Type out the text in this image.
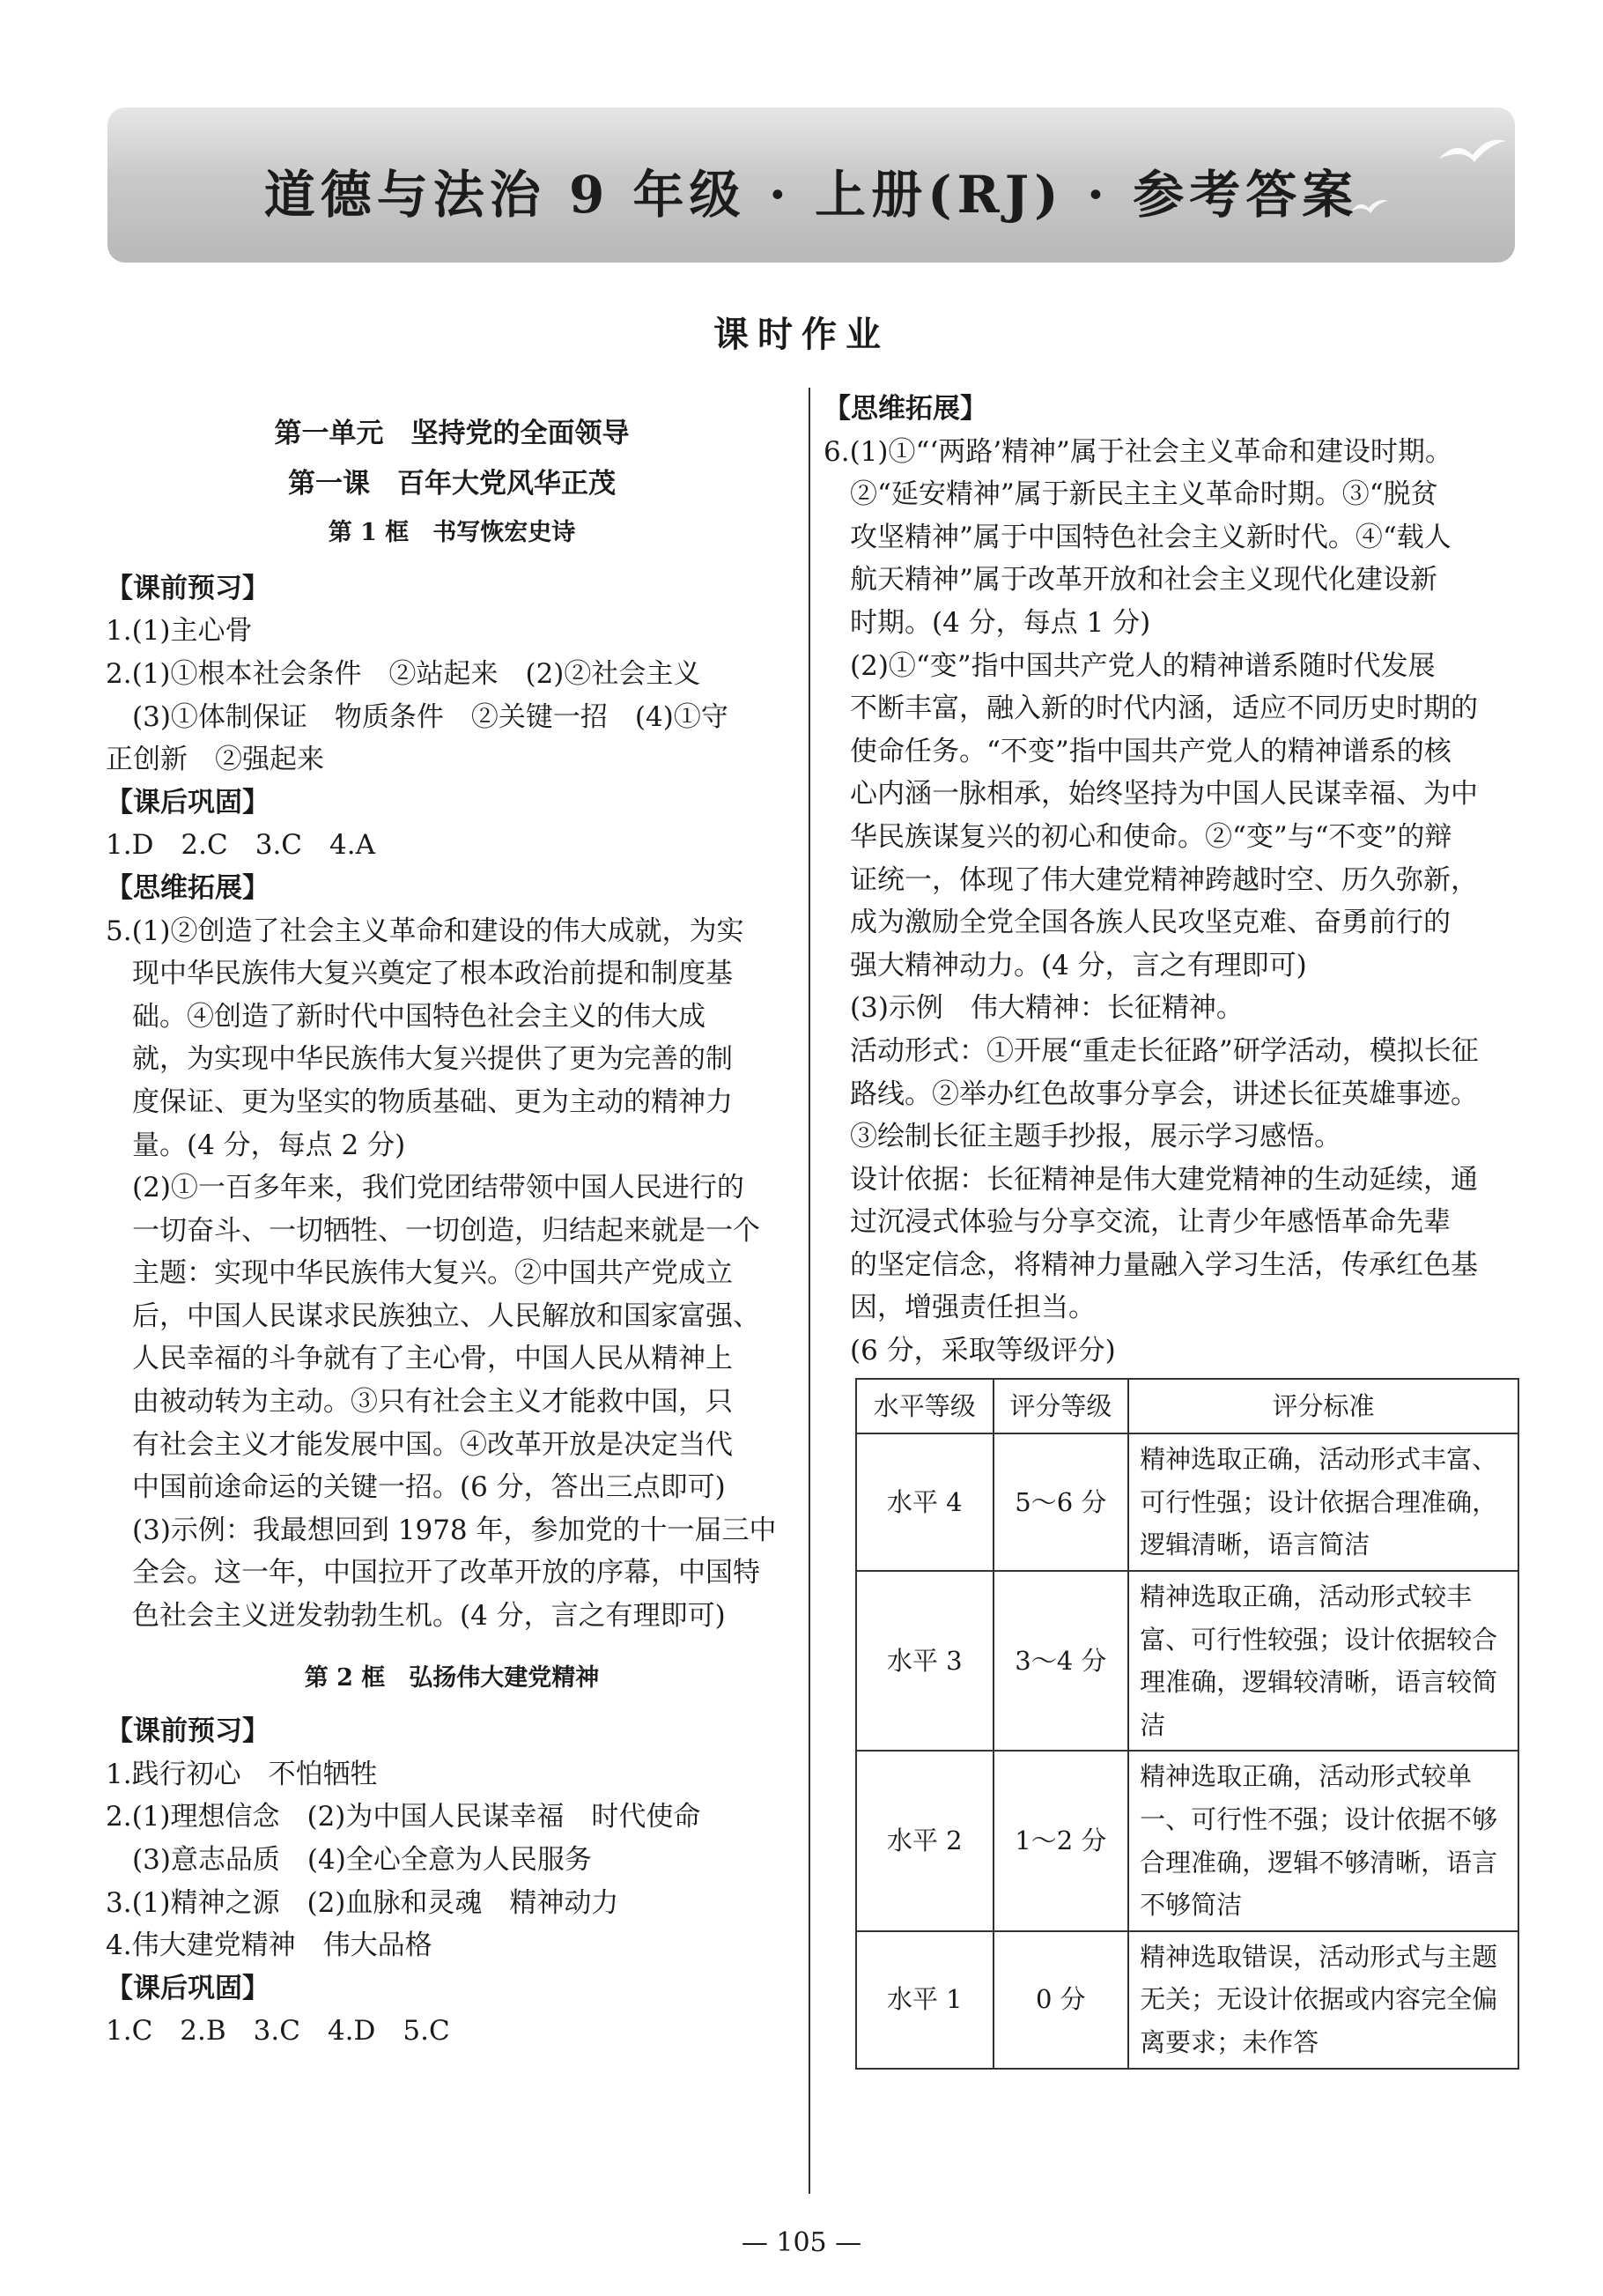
道德与法治 9 年级 · 上册(RJ) · 参考答案
课时作业
第一单元　坚持党的全面领导
第一课　百年大党风华正茂
第 1 框　书写恢宏史诗
【课前预习】
1.(1)主心骨
2.(1)①根本社会条件　②站起来　(2)②社会主义
(3)①体制保证　物质条件　②关键一招　(4)①守
正创新　②强起来
【课后巩固】
1.D　2.C　3.C　4.A
【思维拓展】
5.(1)②创造了社会主义革命和建设的伟大成就，为实
现中华民族伟大复兴奠定了根本政治前提和制度基
础。④创造了新时代中国特色社会主义的伟大成
就，为实现中华民族伟大复兴提供了更为完善的制
度保证、更为坚实的物质基础、更为主动的精神力
量。(4 分，每点 2 分)
(2)①一百多年来，我们党团结带领中国人民进行的
一切奋斗、一切牺牲、一切创造，归结起来就是一个
主题：实现中华民族伟大复兴。②中国共产党成立
后，中国人民谋求民族独立、人民解放和国家富强、
人民幸福的斗争就有了主心骨，中国人民从精神上
由被动转为主动。③只有社会主义才能救中国，只
有社会主义才能发展中国。④改革开放是决定当代
中国前途命运的关键一招。(6 分，答出三点即可)
(3)示例：我最想回到 1978 年，参加党的十一届三中
全会。这一年，中国拉开了改革开放的序幕，中国特
色社会主义迸发勃勃生机。(4 分，言之有理即可)
第 2 框　弘扬伟大建党精神
【课前预习】
1.践行初心　不怕牺牲
2.(1)理想信念　(2)为中国人民谋幸福　时代使命
(3)意志品质　(4)全心全意为人民服务
3.(1)精神之源　(2)血脉和灵魂　精神动力
4.伟大建党精神　伟大品格
【课后巩固】
1.C　2.B　3.C　4.D　5.C
【思维拓展】
6.(1)①“‘两路’精神”属于社会主义革命和建设时期。
②“延安精神”属于新民主主义革命时期。③“脱贫
攻坚精神”属于中国特色社会主义新时代。④“载人
航天精神”属于改革开放和社会主义现代化建设新
时期。(4 分，每点 1 分)
(2)①“变”指中国共产党人的精神谱系随时代发展
不断丰富，融入新的时代内涵，适应不同历史时期的
使命任务。“不变”指中国共产党人的精神谱系的核
心内涵一脉相承，始终坚持为中国人民谋幸福、为中
华民族谋复兴的初心和使命。②“变”与“不变”的辩
证统一，体现了伟大建党精神跨越时空、历久弥新，
成为激励全党全国各族人民攻坚克难、奋勇前行的
强大精神动力。(4 分，言之有理即可)
(3)示例　伟大精神：长征精神。
活动形式：①开展“重走长征路”研学活动，模拟长征
路线。②举办红色故事分享会，讲述长征英雄事迹。
③绘制长征主题手抄报，展示学习感悟。
设计依据：长征精神是伟大建党精神的生动延续，通
过沉浸式体验与分享交流，让青少年感悟革命先辈
的坚定信念，将精神力量融入学习生活，传承红色基
因，增强责任担当。
(6 分，采取等级评分)
水平等级	评分等级	评分标准
水平 4	5～6 分	精神选取正确，活动形式丰富、可行性强；设计依据合理准确，逻辑清晰，语言简洁
水平 3	3～4 分	精神选取正确，活动形式较丰富、可行性较强；设计依据较合理准确，逻辑较清晰，语言较简洁
水平 2	1～2 分	精神选取正确，活动形式较单一、可行性不强；设计依据不够合理准确，逻辑不够清晰，语言不够简洁
水平 1	0 分	精神选取错误，活动形式与主题无关；无设计依据或内容完全偏离要求；未作答
— 105 —
